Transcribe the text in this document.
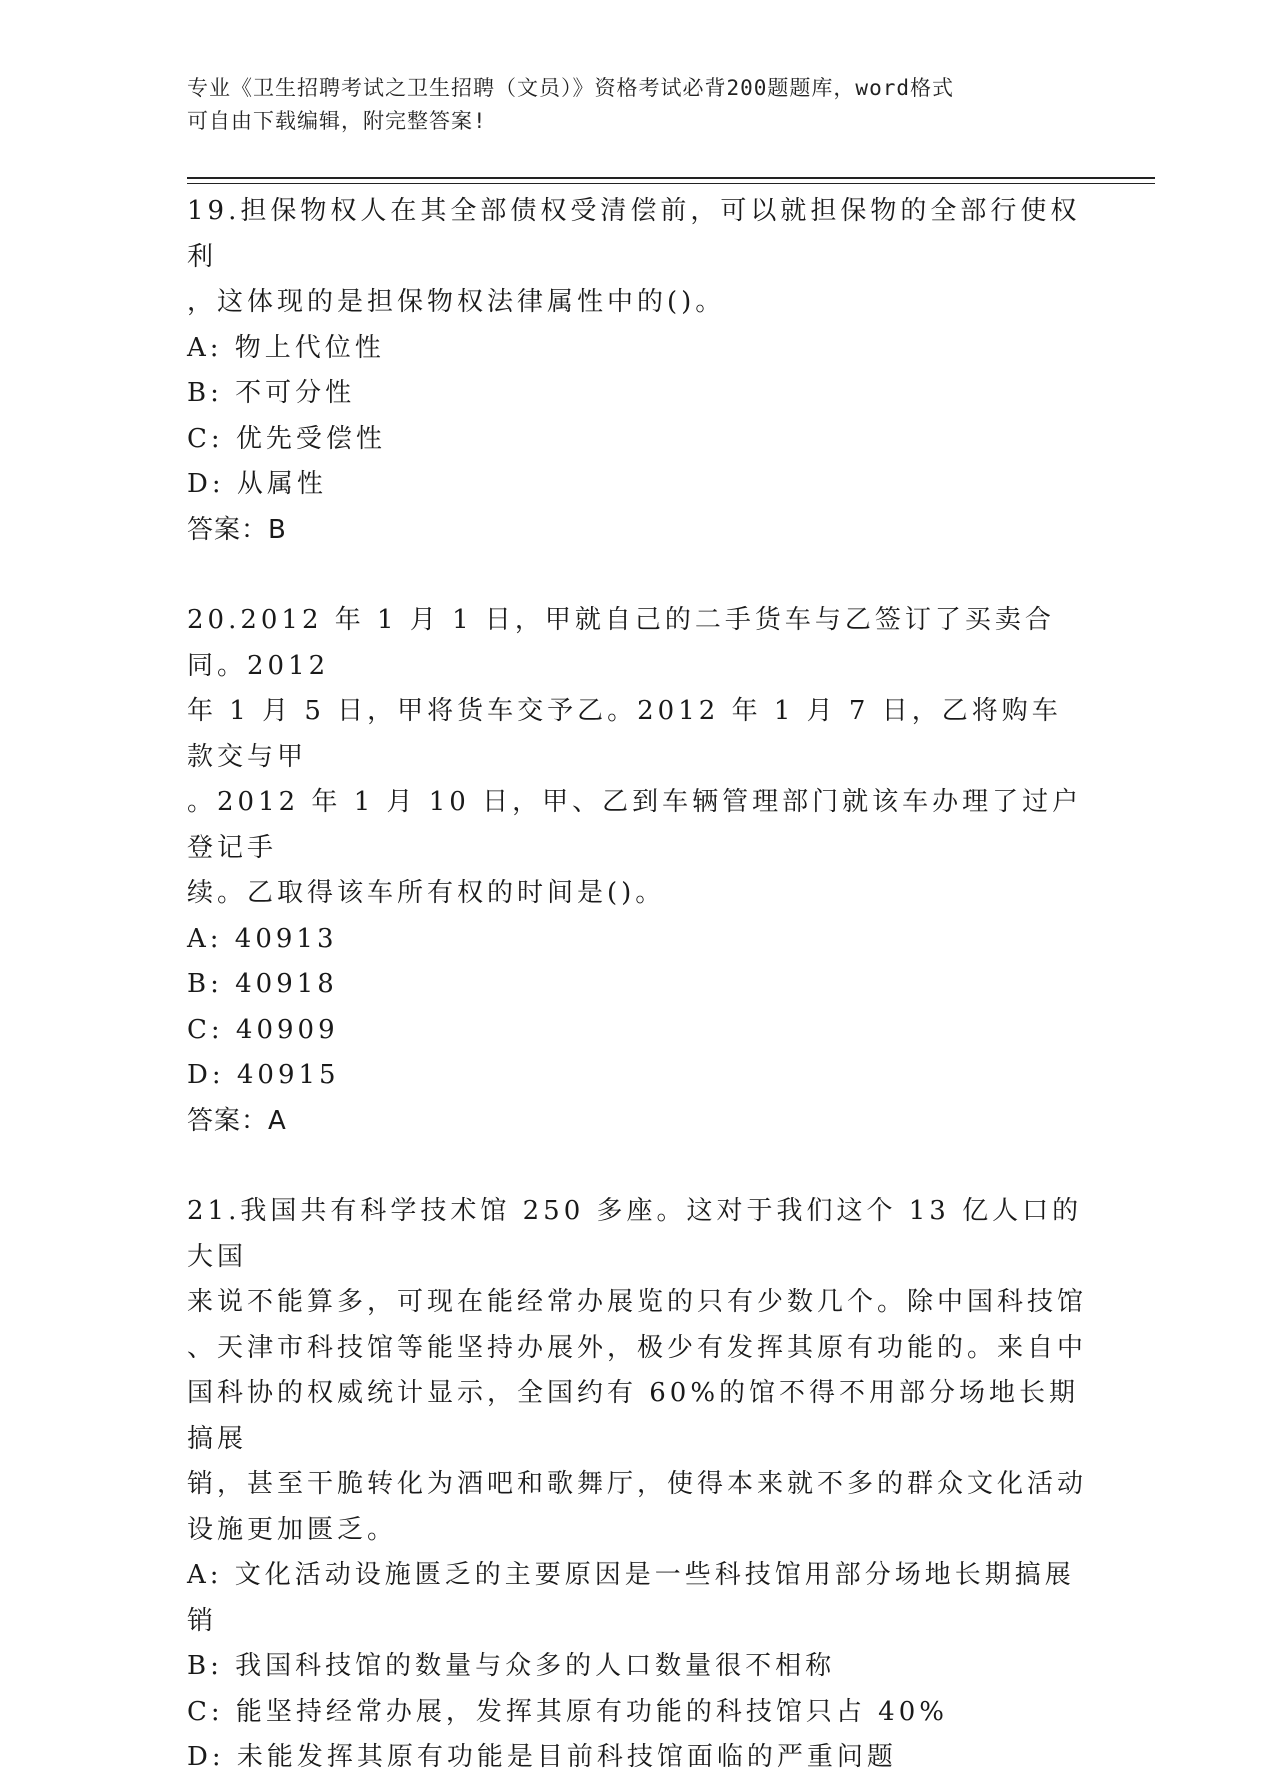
专业《卫生招聘考试之卫生招聘（文员）》资格考试必背200题题库，word格式
可自由下载编辑，附完整答案!

19.担保物权人在其全部债权受清偿前，可以就担保物的全部行使权利

，这体现的是担保物权法律属性中的()。

A: 物上代位性

B: 不可分性

C: 优先受偿性

D: 从属性

答案：B

20.2012 年 1 月 1 日，甲就自己的二手货车与乙签订了买卖合同。2012

年 1 月 5 日，甲将货车交予乙。2012 年 1 月 7 日，乙将购车款交与甲

。2012 年 1 月 10 日，甲、乙到车辆管理部门就该车办理了过户登记手

续。乙取得该车所有权的时间是()。

A: 40913

B: 40918

C: 40909

D: 40915

答案：A

21.我国共有科学技术馆 250 多座。这对于我们这个 13 亿人口的大国

来说不能算多，可现在能经常办展览的只有少数几个。除中国科技馆

、天津市科技馆等能坚持办展外，极少有发挥其原有功能的。来自中

国科协的权威统计显示，全国约有 60%的馆不得不用部分场地长期搞展

销，甚至干脆转化为酒吧和歌舞厅，使得本来就不多的群众文化活动

设施更加匮乏。

A: 文化活动设施匮乏的主要原因是一些科技馆用部分场地长期搞展销

B: 我国科技馆的数量与众多的人口数量很不相称

C: 能坚持经常办展，发挥其原有功能的科技馆只占 40%

D: 未能发挥其原有功能是目前科技馆面临的严重问题
